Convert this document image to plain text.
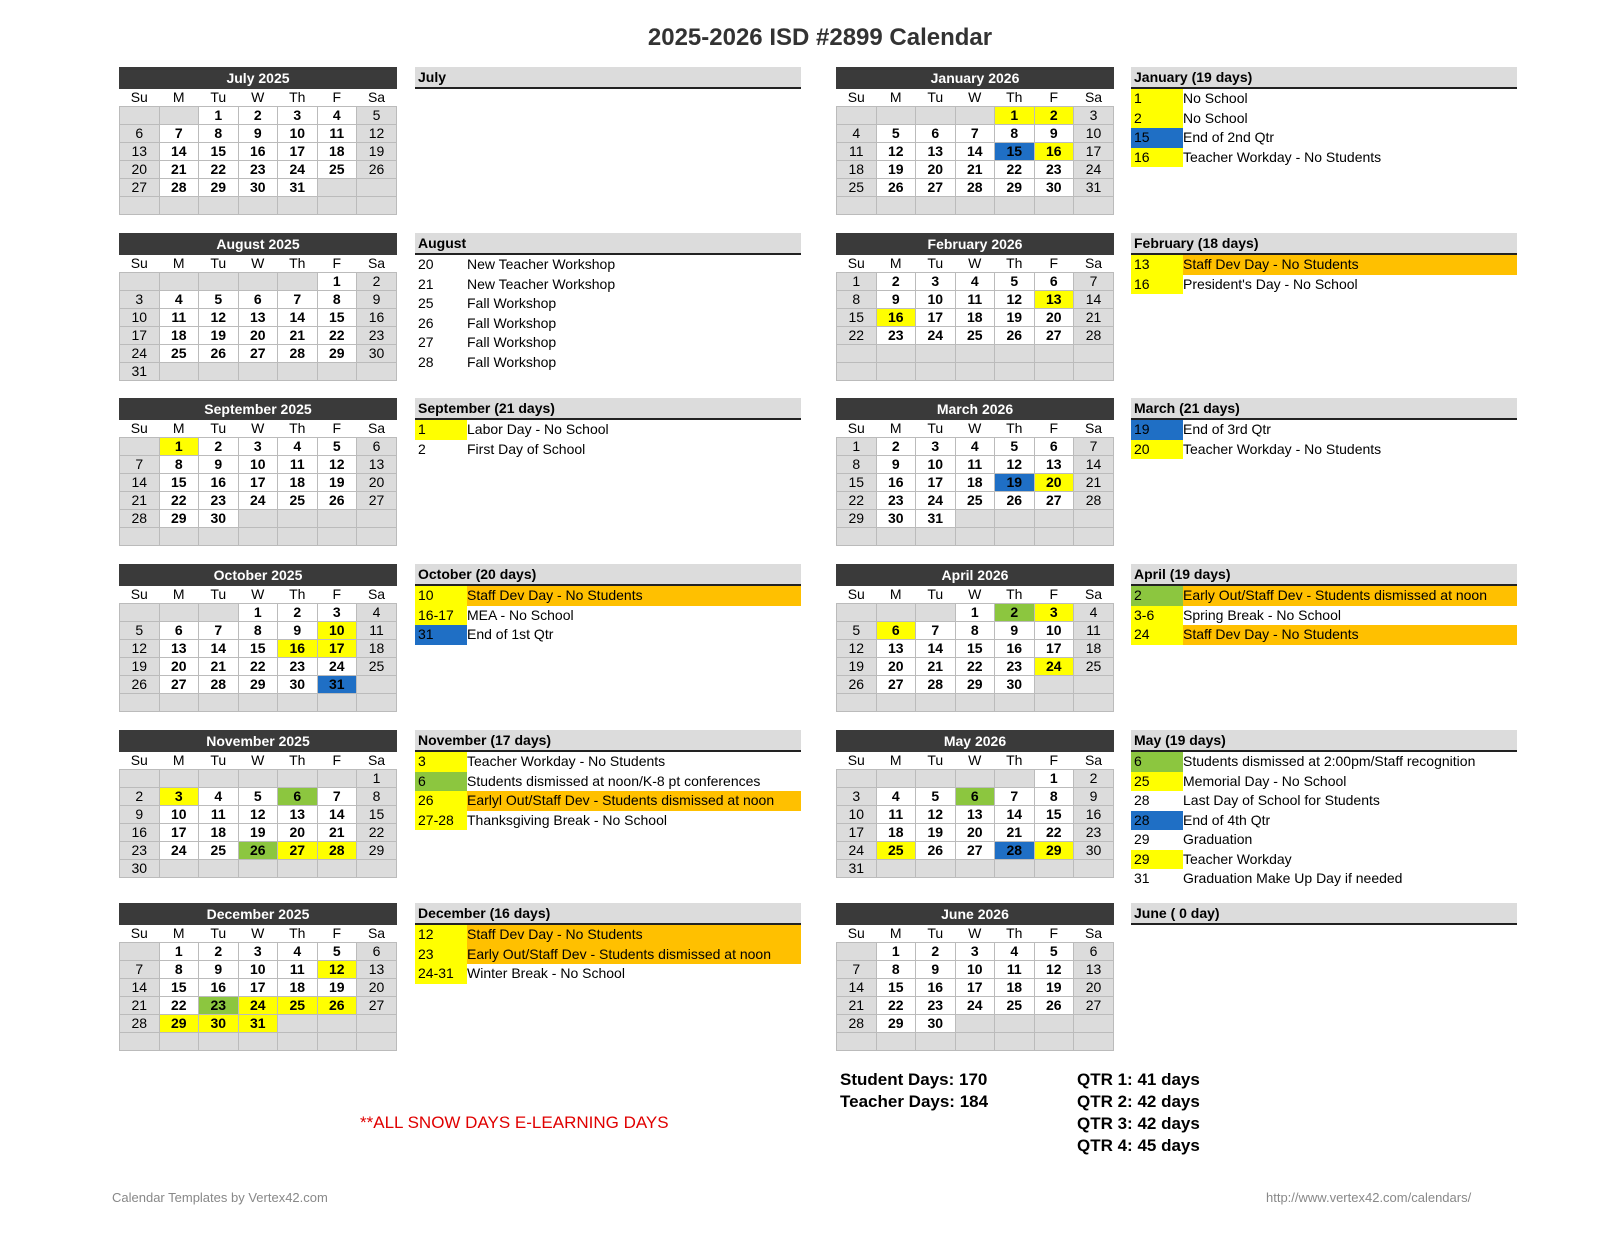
2025-2026 ISD #2899 Calendar
July 2025						
Su	M	Tu	W	Th	F	Sa
		1	2	3	4	5
6	7	8	9	10	11	12
13	14	15	16	17	18	19
20	21	22	23	24	25	26
27	28	29	30	31		

July
August 2025						
Su	M	Tu	W	Th	F	Sa
					1	2
3	4	5	6	7	8	9
10	11	12	13	14	15	16
17	18	19	20	21	22	23
24	25	26	27	28	29	30
31						
August
20	New Teacher Workshop
21	New Teacher Workshop
25	Fall Workshop
26	Fall Workshop
27	Fall Workshop
28	Fall Workshop
September 2025						
Su	M	Tu	W	Th	F	Sa
	1	2	3	4	5	6
7	8	9	10	11	12	13
14	15	16	17	18	19	20
21	22	23	24	25	26	27
28	29	30				

September (21 days)
1	Labor Day - No School
2	First Day of School
October 2025						
Su	M	Tu	W	Th	F	Sa
			1	2	3	4
5	6	7	8	9	10	11
12	13	14	15	16	17	18
19	20	21	22	23	24	25
26	27	28	29	30	31	

October (20 days)
10	Staff Dev Day - No Students
16-17 MEA - No School
31	End of 1st Qtr
November 2025						
Su	M	Tu	W	Th	F	Sa
						1
2	3	4	5	6	7	8
9	10	11	12	13	14	15
16	17	18	19	20	21	22
23	24	25	26	27	28	29
30						
November (17 days)
3	Teacher Workday - No Students
6	Students dismissed at noon/K-8 pt conferences
26	Earlyl Out/Staff Dev - Students dismissed at noon
27-28 Thanksgiving Break - No School
December 2025						
Su	M	Tu	W	Th	F	Sa
	1	2	3	4	5	6
7	8	9	10	11	12	13
14	15	16	17	18	19	20
21	22	23	24	25	26	27
28	29	30	31			

December (16 days)
12	Staff Dev Day - No Students
23	Early Out/Staff Dev - Students dismissed at noon
24-31 Winter Break - No School
January 2026						
Su	M	Tu	W	Th	F	Sa
				1	2	3
4	5	6	7	8	9	10
11	12	13	14	15	16	17
18	19	20	21	22	23	24
25	26	27	28	29	30	31

January (19 days)
1	No School
2	No School
15	End of 2nd Qtr
16	Teacher Workday - No Students
February 2026						
Su	M	Tu	W	Th	F	Sa
1	2	3	4	5	6	7
8	9	10	11	12	13	14
15	16	17	18	19	20	21
22	23	24	25	26	27	28

February (18 days)
13	Staff Dev Day - No Students
16	President's Day - No School
March 2026						
Su	M	Tu	W	Th	F	Sa
1	2	3	4	5	6	7
8	9	10	11	12	13	14
15	16	17	18	19	20	21
22	23	24	25	26	27	28
29	30	31				

March (21 days)
19	End of 3rd Qtr
20	Teacher Workday - No Students
April 2026						
Su	M	Tu	W	Th	F	Sa
			1	2	3	4
5	6	7	8	9	10	11
12	13	14	15	16	17	18
19	20	21	22	23	24	25
26	27	28	29	30		

April (19 days)
2	Early Out/Staff Dev - Students dismissed at noon
3-6	Spring Break - No School
24	Staff Dev Day - No Students
May 2026						
Su	M	Tu	W	Th	F	Sa
					1	2
3	4	5	6	7	8	9
10	11	12	13	14	15	16
17	18	19	20	21	22	23
24	25	26	27	28	29	30
31						
May (19 days)
6	Students dismissed at 2:00pm/Staff recognition
25	Memorial Day - No School
28	Last Day of School for Students
28	End of 4th Qtr
29	Graduation
29	Teacher Workday
31	Graduation Make Up Day if needed
June 2026						
Su	M	Tu	W	Th	F	Sa
	1	2	3	4	5	6
7	8	9	10	11	12	13
14	15	16	17	18	19	20
21	22	23	24	25	26	27
28	29	30				

June ( 0 day)
Student Days: 170
Teacher Days: 184
QTR 1: 41 days
QTR 2: 42 days
QTR 3: 42 days
QTR 4: 45 days
**ALL SNOW DAYS E-LEARNING DAYS
Calendar Templates by Vertex42.com	http://www.vertex42.com/calendars/
